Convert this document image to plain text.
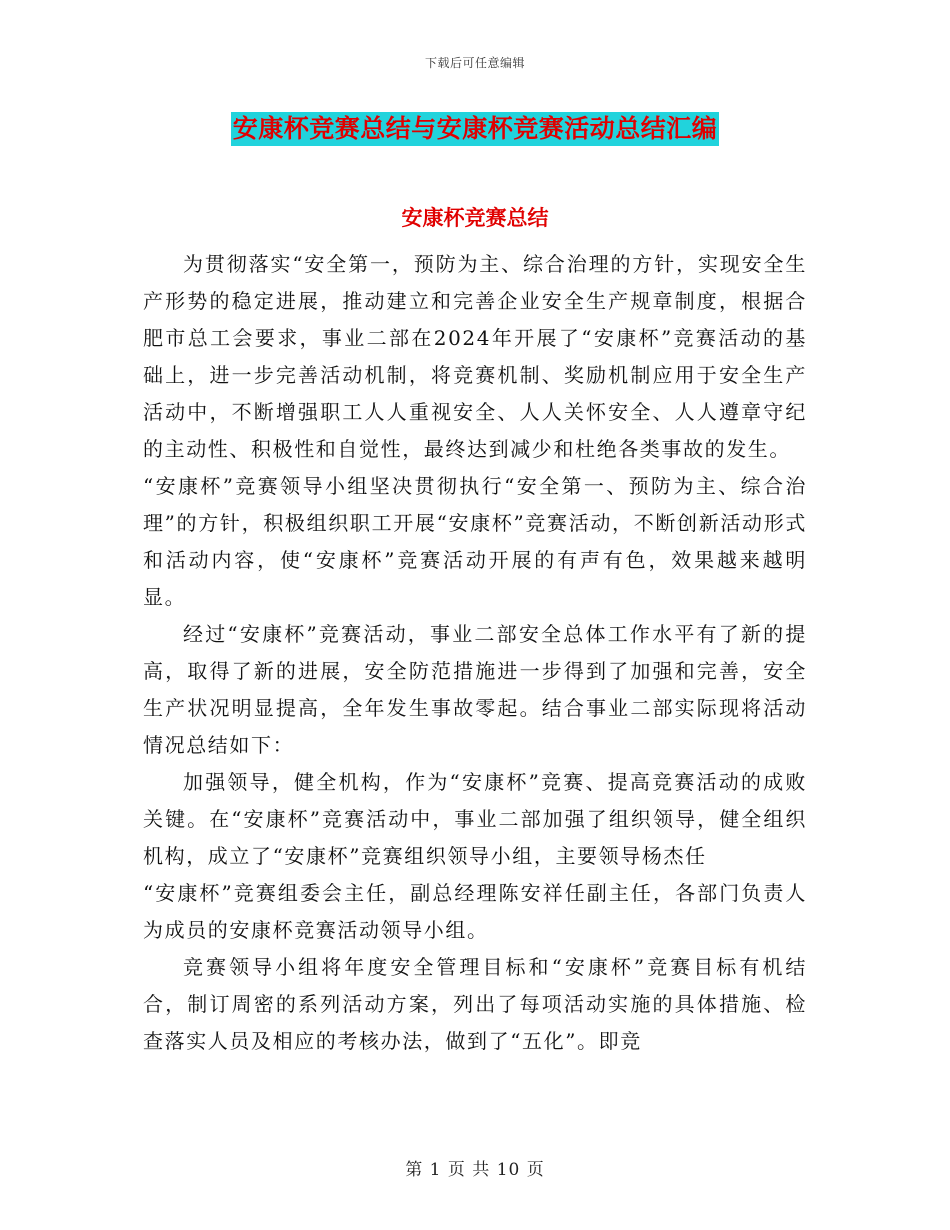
下载后可任意编辑
安康杯竞赛总结与安康杯竞赛活动总结汇编
安康杯竞赛总结

为贯彻落实“安全第一，预防为主、综合治理的方针，实现安全生产形势的稳定进展，推动建立和完善企业安全生产规章制度，根据合肥市总工会要求，事业二部在2024年开展了“安康杯”竞赛活动的基础上，进一步完善活动机制，将竞赛机制、奖励机制应用于安全生产活动中，不断增强职工人人重视安全、人人关怀安全、人人遵章守纪的主动性、积极性和自觉性，最终达到减少和杜绝各类事故的发生。

“安康杯”竞赛领导小组坚决贯彻执行“安全第一、预防为主、综合治理”的方针，积极组织职工开展“安康杯”竞赛活动，不断创新活动形式和活动内容，使“安康杯”竞赛活动开展的有声有色，效果越来越明显。

经过“安康杯”竞赛活动，事业二部安全总体工作水平有了新的提高，取得了新的进展，安全防范措施进一步得到了加强和完善，安全生产状况明显提高，全年发生事故零起。结合事业二部实际现将活动情况总结如下：

加强领导，健全机构，作为“安康杯”竞赛、提高竞赛活动的成败关键。在“安康杯”竞赛活动中，事业二部加强了组织领导，健全组织机构，成立了“安康杯”竞赛组织领导小组，主要领导杨杰任

“安康杯”竞赛组委会主任，副总经理陈安祥任副主任，各部门负责人为成员的安康杯竞赛活动领导小组。

竞赛领导小组将年度安全管理目标和“安康杯”竞赛目标有机结合，制订周密的系列活动方案，列出了每项活动实施的具体措施、检查落实人员及相应的考核办法，做到了“五化”。即竞

第 1 页 共 10 页
